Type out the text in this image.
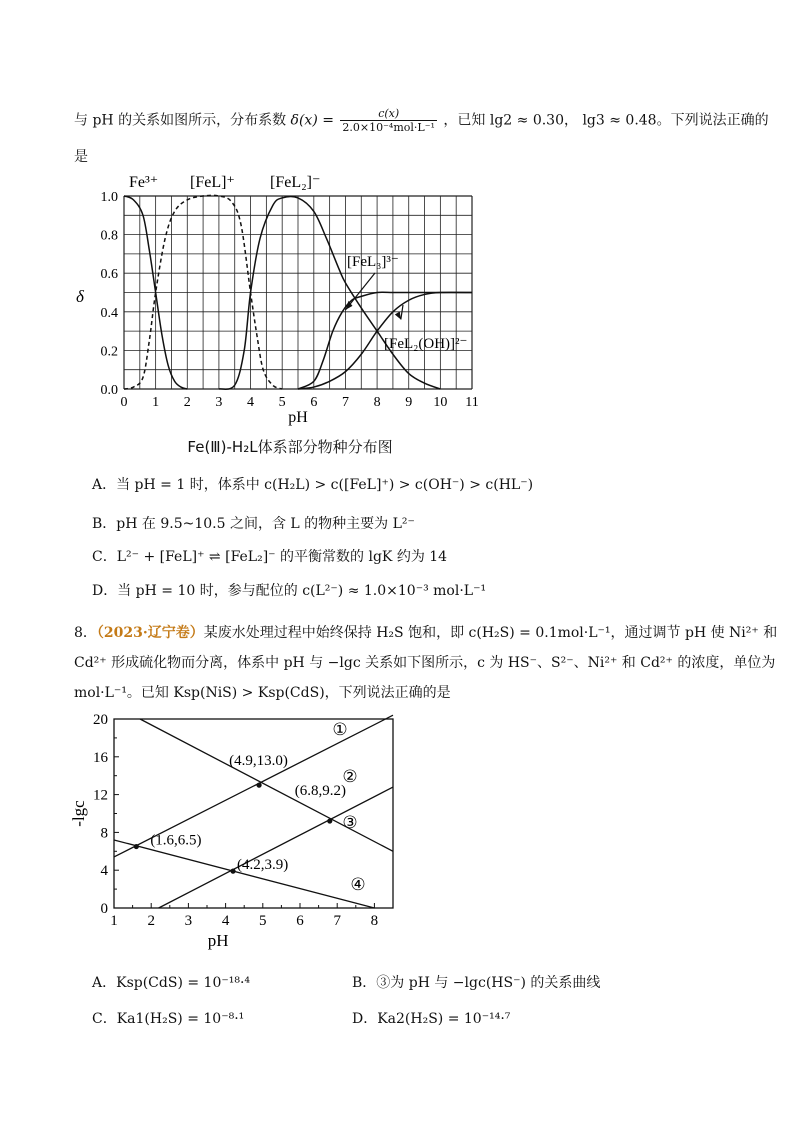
与 pH 的关系如图所示，分布系数 $\delta(x) = \frac{c(x)}{\text{2.0×10⁻⁴mol·L⁻¹}}$ ，已知 lg2 ≈ 0.30， lg3 ≈ 0.48。下列说法正确的
是
0 1 2 3 4 5 6 7 8 9 10 11
0.0
0.2
0.4
0.6
0.8
1.0
pH
δ
Fe³⁺ [FeL]⁺ [FeL₂]⁻
[FeL₃]³⁻
[FeL₂(OH)]²⁻
Fe(Ⅲ)-H₂L体系部分物种分布图
A．当 pH = 1 时，体系中 c(H₂L) > c([FeL]⁺) > c(OH⁻) > c(HL⁻)
B．pH 在 9.5~10.5 之间，含 L 的物种主要为 L²⁻
C．L²⁻ + [FeL]⁺ ⇌ [FeL₂]⁻ 的平衡常数的 lgK 约为 14
D．当 pH = 10 时，参与配位的 c(L²⁻) ≈ 1.0×10⁻³ mol·L⁻¹
8．（2023·辽宁卷）某废水处理过程中始终保持 H₂S 饱和，即 c(H₂S) = 0.1mol·L⁻¹，通过调节 pH 使 Ni²⁺ 和
Cd²⁺ 形成硫化物而分离，体系中 pH 与 −lgc 关系如下图所示，c 为 HS⁻、S²⁻、Ni²⁺ 和 Cd²⁺ 的浓度，单位为
mol·L⁻¹。已知 Ksp(NiS) > Ksp(CdS)，下列说法正确的是
1 2 3 4 5 6 7 8
0
4
8
12
16
20
pH
-lgc
①
②
③
④
(1.6,6.5)
(4.9,13.0)
(6.8,9.2)
(4.2,3.9)
A．Ksp(CdS) = 10⁻¹⁸·⁴	B．③为 pH 与 −lgc(HS⁻) 的关系曲线
C．Ka1(H₂S) = 10⁻⁸·¹	D．Ka2(H₂S) = 10⁻¹⁴·⁷
